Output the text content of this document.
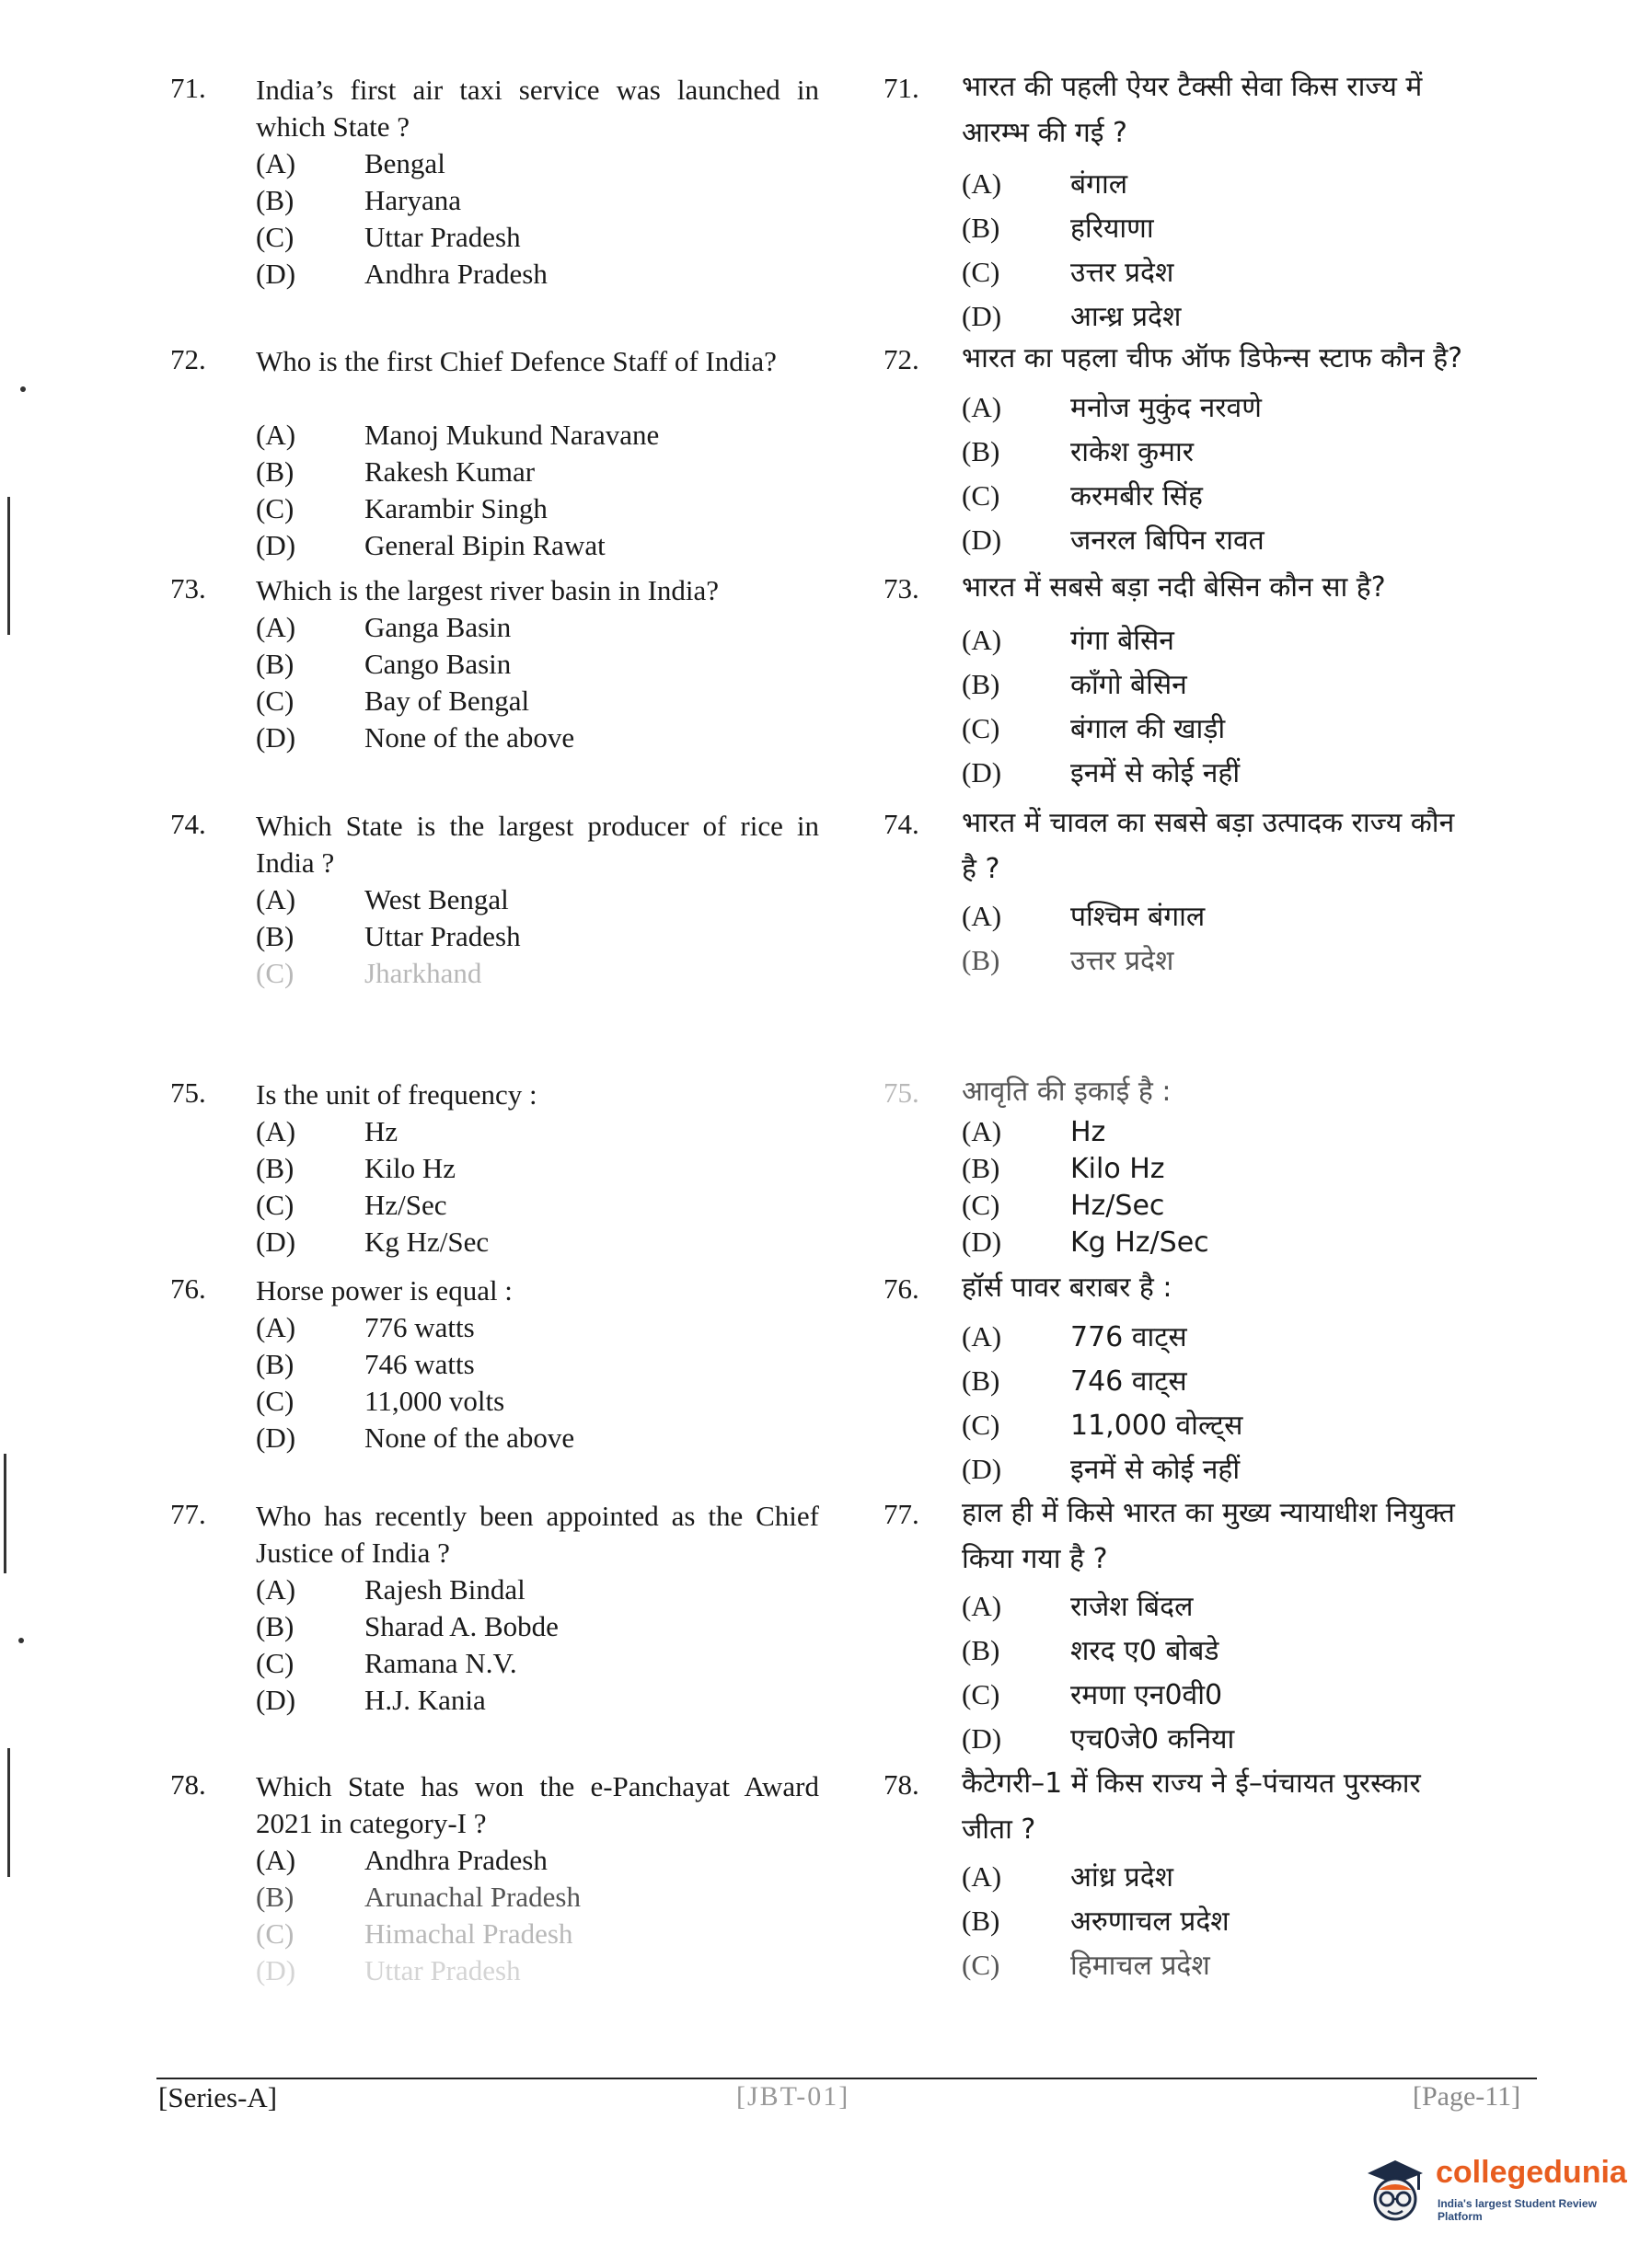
71. India’s first air taxi service was launched in which State ?
(A) Bengal
(B) Haryana
(C) Uttar Pradesh
(D) Andhra Pradesh
72. Who is the first Chief Defence Staff of India?
(A) Manoj Mukund Naravane
(B) Rakesh Kumar
(C) Karambir Singh
(D) General Bipin Rawat
73. Which is the largest river basin in India?
(A) Ganga Basin
(B) Cango Basin
(C) Bay of Bengal
(D) None of the above
74. Which State is the largest producer of rice in India ?
(A) West Bengal
(B) Uttar Pradesh
(C) Jharkhand
75. Is the unit of frequency :
(A) Hz
(B) Kilo Hz
(C) Hz/Sec
(D) Kg Hz/Sec
76. Horse power is equal :
(A) 776 watts
(B) 746 watts
(C) 11,000 volts
(D) None of the above
77. Who has recently been appointed as the Chief Justice of India ?
(A) Rajesh Bindal
(B) Sharad A. Bobde
(C) Ramana N.V.
(D) H.J. Kania
78. Which State has won the e-Panchayat Award 2021 in category-I ?
(A) Andhra Pradesh
(B) Arunachal Pradesh
(C) Himachal Pradesh
(D) Uttar Pradesh
71. भारत की पहली ऐयर टैक्सी सेवा किस राज्य में आरम्भ की गई ?
(A) बंगाल
(B)	हरियाणा
(C)	उत्तर प्रदेश
(D) आन्ध्र प्रदेश
72. भारत का पहला चीफ ऑफ डिफेन्स स्टाफ कौन है?
(A) मनोज मुकुंद नरवणे
(B)	राकेश कुमार
(C)	करमबीर सिंह
(D) जनरल बिपिन रावत
73. भारत में सबसे बड़ा नदी बेसिन कौन सा है?
(A) गंगा बेसिन
(B)	कॉंगो बेसिन
(C)	बंगाल की खाड़ी
(D) इनमें से कोई नहीं
74. भारत में चावल का सबसे बड़ा उत्पादक राज्य कौन है ?
(A) पश्चिम बंगाल
(B)	उत्तर प्रदेश
75. आवृति की इकाई है :
(A) Hz
(B)	Kilo Hz
(C)	Hz/Sec
(D) Kg Hz/Sec
76. हॉर्स पावर बराबर है :
(A) 776 वाट्स
(B)	746 वाट्स
(C)	11,000 वोल्ट्स
(D) इनमें से कोई नहीं
77. हाल ही में किसे भारत का मुख्य न्यायाधीश नियुक्त किया गया है ?
(A) राजेश बिंदल
(B)	शरद ए0 बोबडे
(C)	रमणा एन0वी0
(D) एच0जे0 कनिया
78. कैटेगरी–1 में किस राज्य ने ई–पंचायत पुरस्कार जीता ?
(A) आंध्र प्रदेश
(B)	अरुणाचल प्रदेश
(C)	हिमाचल प्रदेश
[Series-A]	[JBT-01]	[Page-11]
collegedunia
India's largest Student Review Platform
